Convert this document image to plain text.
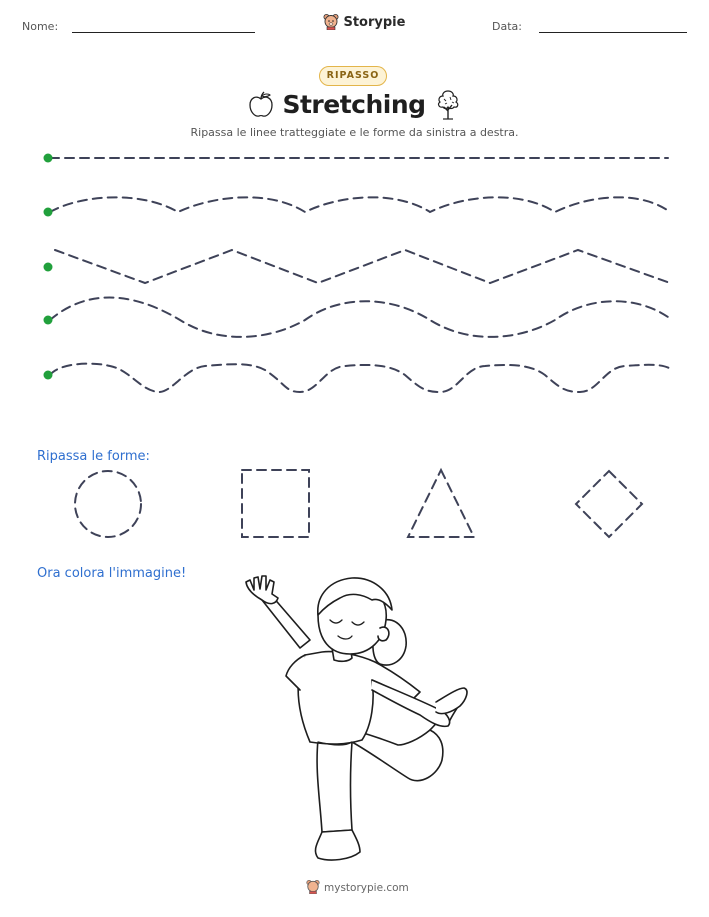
Nome:	Storypie	Data:
RIPASSO
Stretching
Ripassa le linee tratteggiate e le forme da sinistra a destra.
Ripassa le forme:
Ora colora l'immagine!
mystorypie.com
